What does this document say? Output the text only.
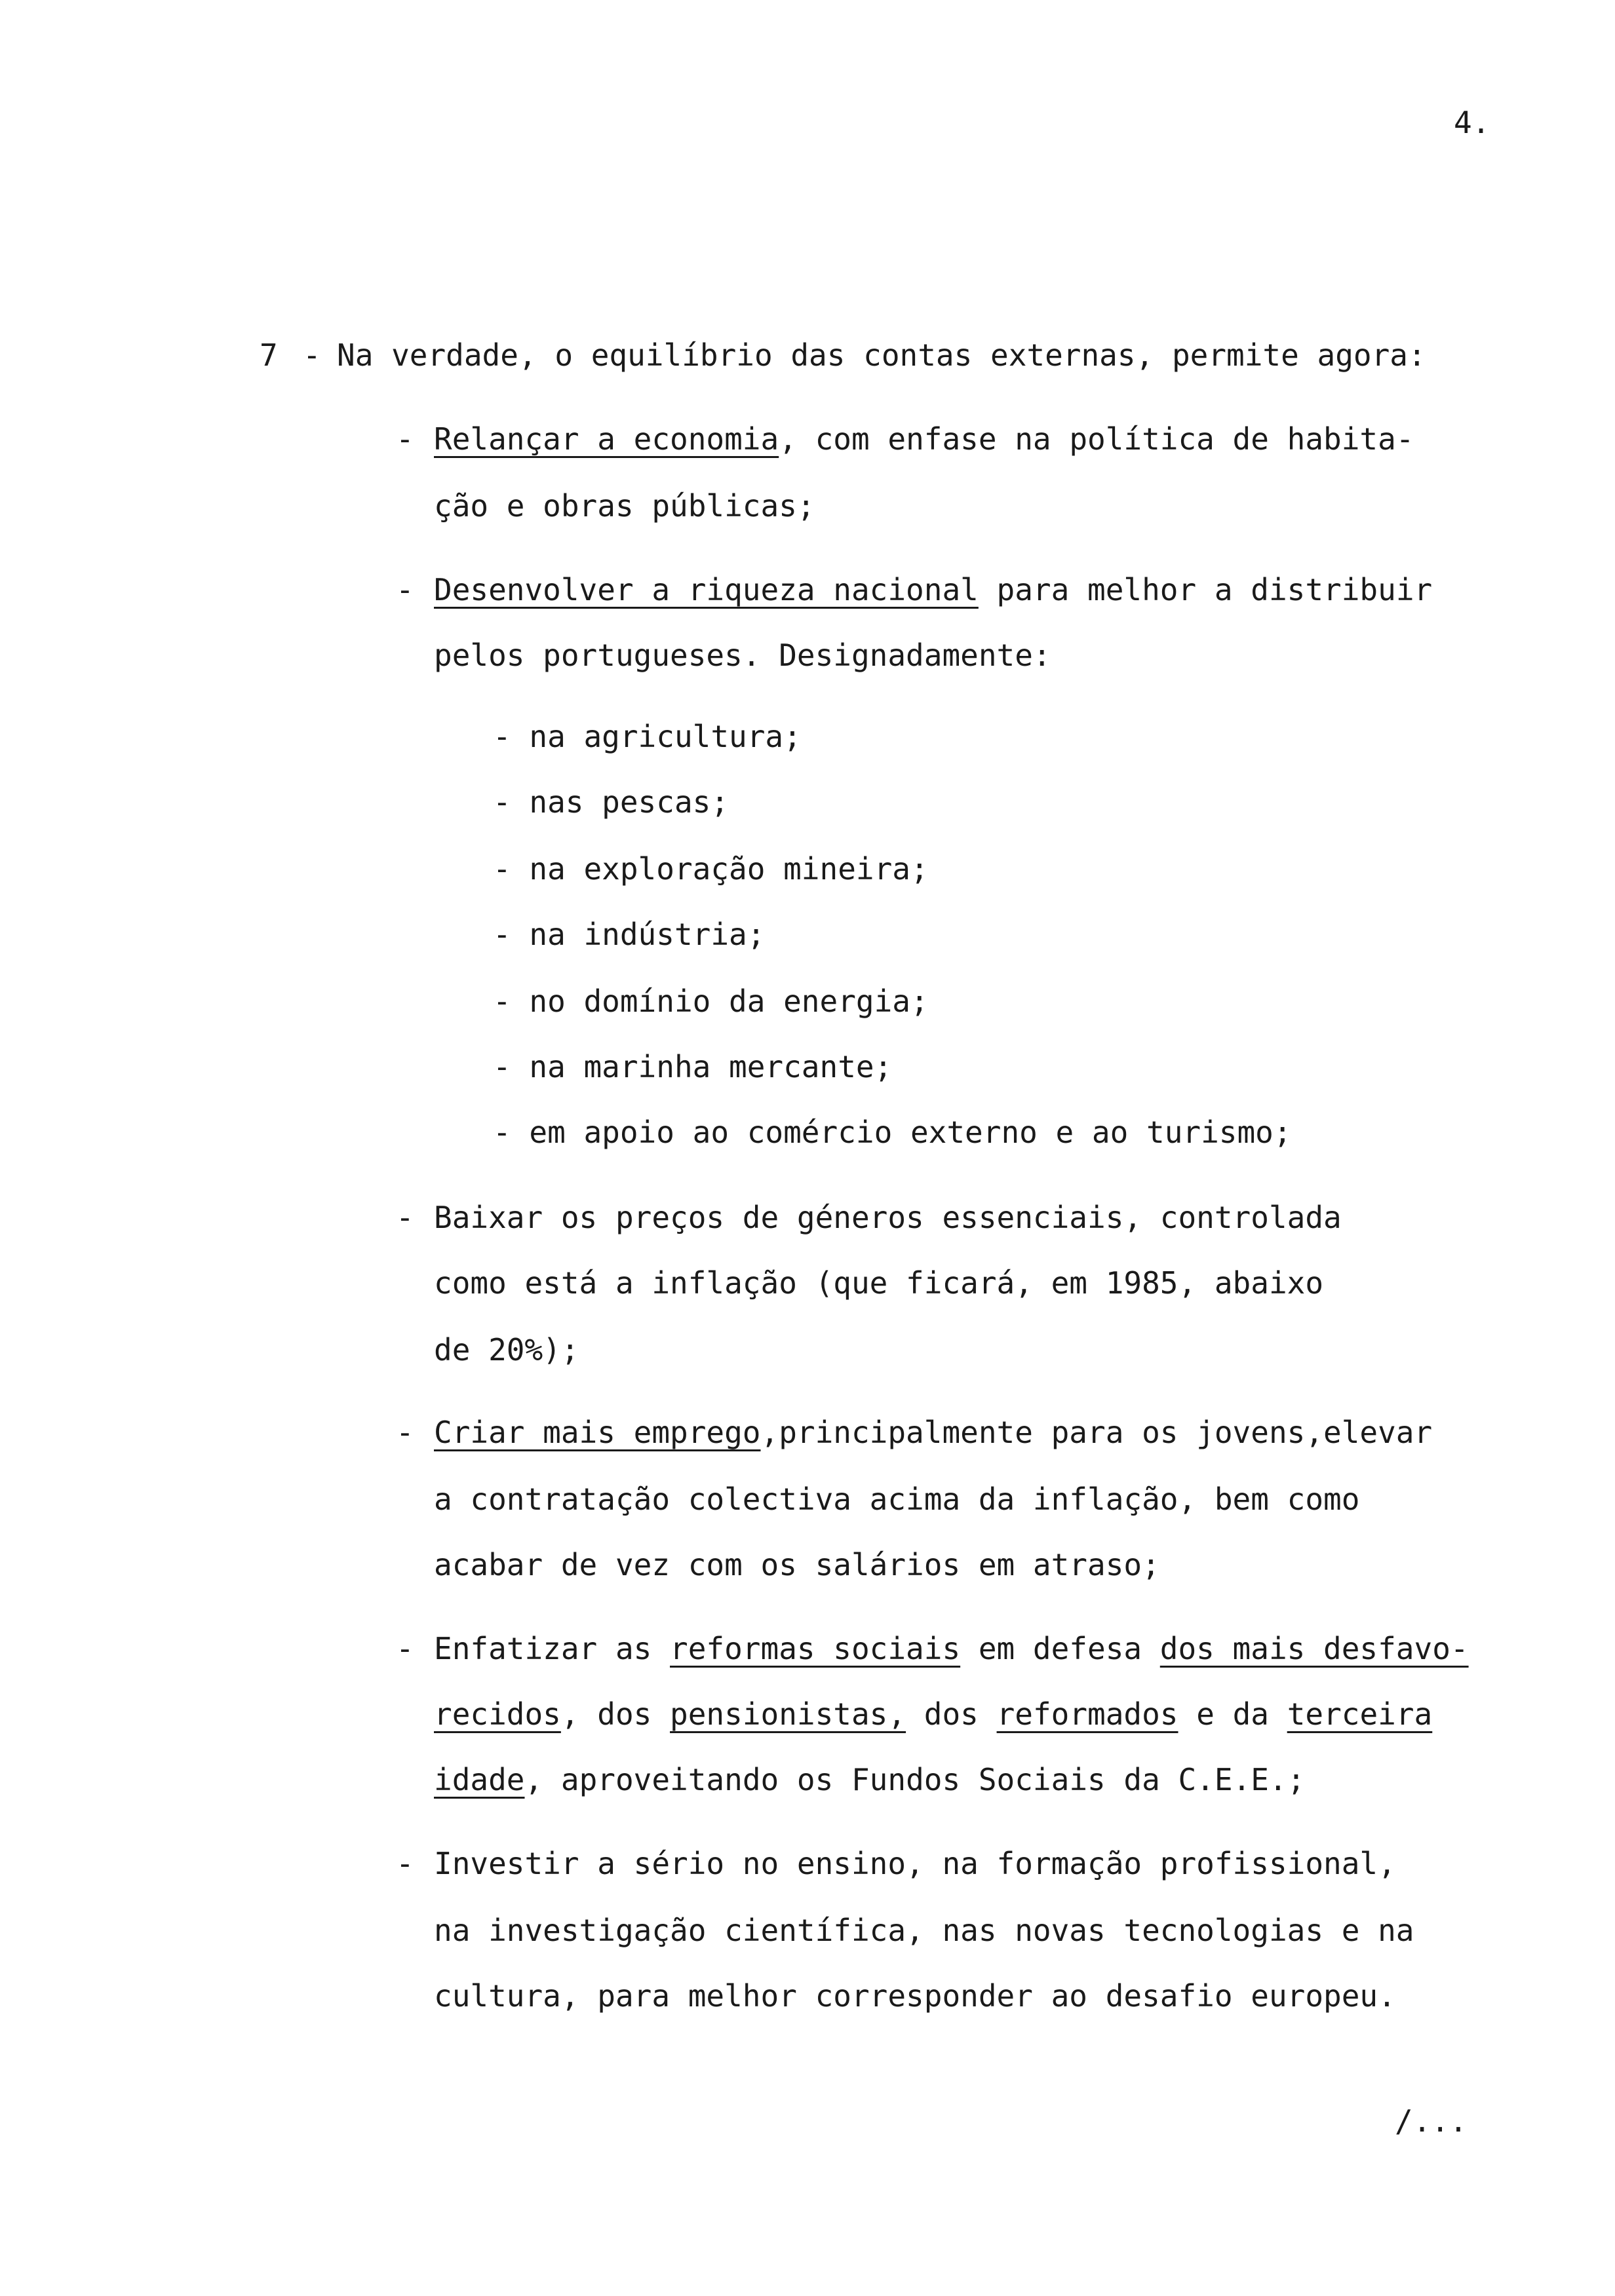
4.
7 - Na verdade, o equilíbrio das contas externas, permite agora:
- Relançar a economia, com enfase na política de habita-
ção e obras públicas;
- Desenvolver a riqueza nacional para melhor a distribuir
pelos portugueses. Designadamente:
- na agricultura;
- nas pescas;
- na exploração mineira;
- na indústria;
- no domínio da energia;
- na marinha mercante;
- em apoio ao comércio externo e ao turismo;
- Baixar os preços de géneros essenciais, controlada
como está a inflação (que ficará, em 1985, abaixo
de 20%);
- Criar mais emprego,principalmente para os jovens,elevar
a contratação colectiva acima da inflação, bem como
acabar de vez com os salários em atraso;
- Enfatizar as reformas sociais em defesa dos mais desfavo-
recidos, dos pensionistas, dos reformados e da terceira
idade, aproveitando os Fundos Sociais da C.E.E.;
- Investir a sério no ensino, na formação profissional,
na investigação científica, nas novas tecnologias e na
cultura, para melhor corresponder ao desafio europeu.
/...
